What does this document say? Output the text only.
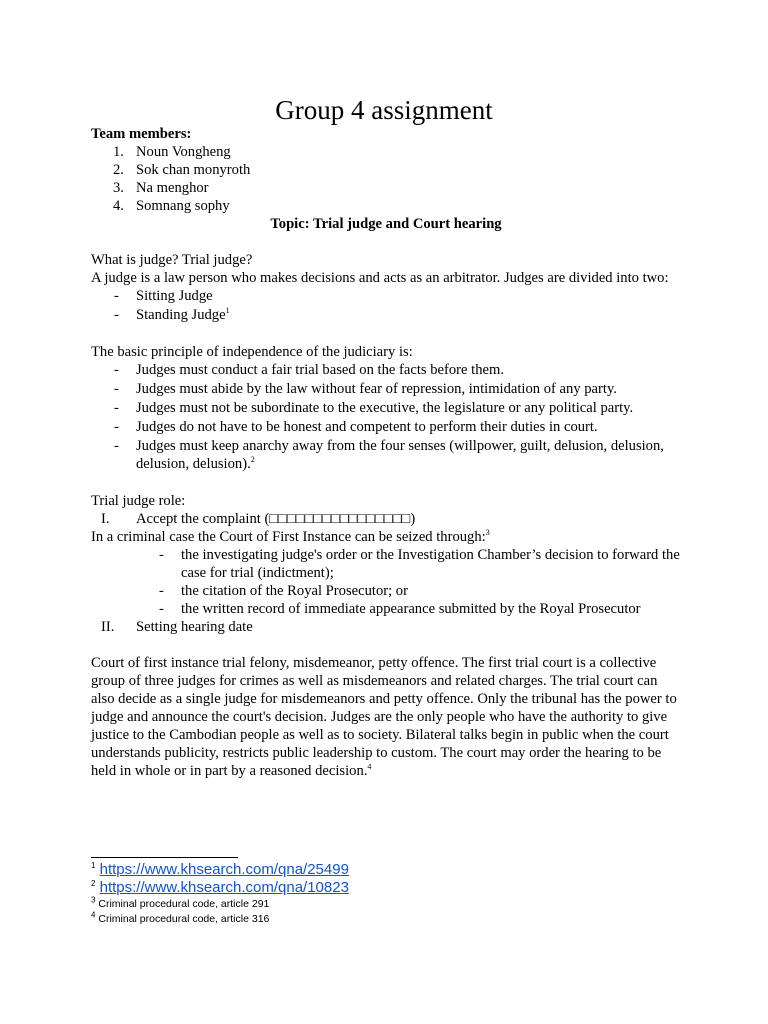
Group 4 assignment

Team members:

1. Noun Vongheng
2. Sok chan monyroth
3. Na menghor
4. Somnang sophy

Topic: Trial judge and Court hearing

What is judge? Trial judge?

A judge is a law person who makes decisions and acts as an arbitrator. Judges are divided into two:

- Sitting Judge
- Standing Judge$^1$

The basic principle of independence of the judiciary is:

- Judges must conduct a fair trial based on the facts before them.
- Judges must abide by the law without fear of repression, intimidation of any party.
- Judges must not be subordinate to the executive, the legislature or any political party.
- Judges do not have to be honest and competent to perform their duties in court.
- Judges must keep anarchy away from the four senses (willpower, guilt, delusion, delusion, delusion, delusion).$^2$

Trial judge role:

I. Accept the complaint (□□□□□□□□□□□□□□□□)

In a criminal case the Court of First Instance can be seized through:$^3$

- the investigating judge's order or the Investigation Chamber’s decision to forward the case for trial (indictment);
- the citation of the Royal Prosecutor; or
- the written record of immediate appearance submitted by the Royal Prosecutor
II. Setting hearing date

Court of first instance trial felony, misdemeanor, petty offence. The first trial court is a collective group of three judges for crimes as well as misdemeanors and related charges. The trial court can also decide as a single judge for misdemeanors and petty offence. Only the tribunal has the power to judge and announce the court's decision. Judges are the only people who have the authority to give justice to the Cambodian people as well as to society. Bilateral talks begin in public when the court understands publicity, restricts public leadership to custom. The court may order the hearing to be held in whole or in part by a reasoned decision.$^4$

$^1$ https://www.khsearch.com/qna/25499

$^2$ https://www.khsearch.com/qna/10823

$^3$ Criminal procedural code, article 291

$^4$ Criminal procedural code, article 316
